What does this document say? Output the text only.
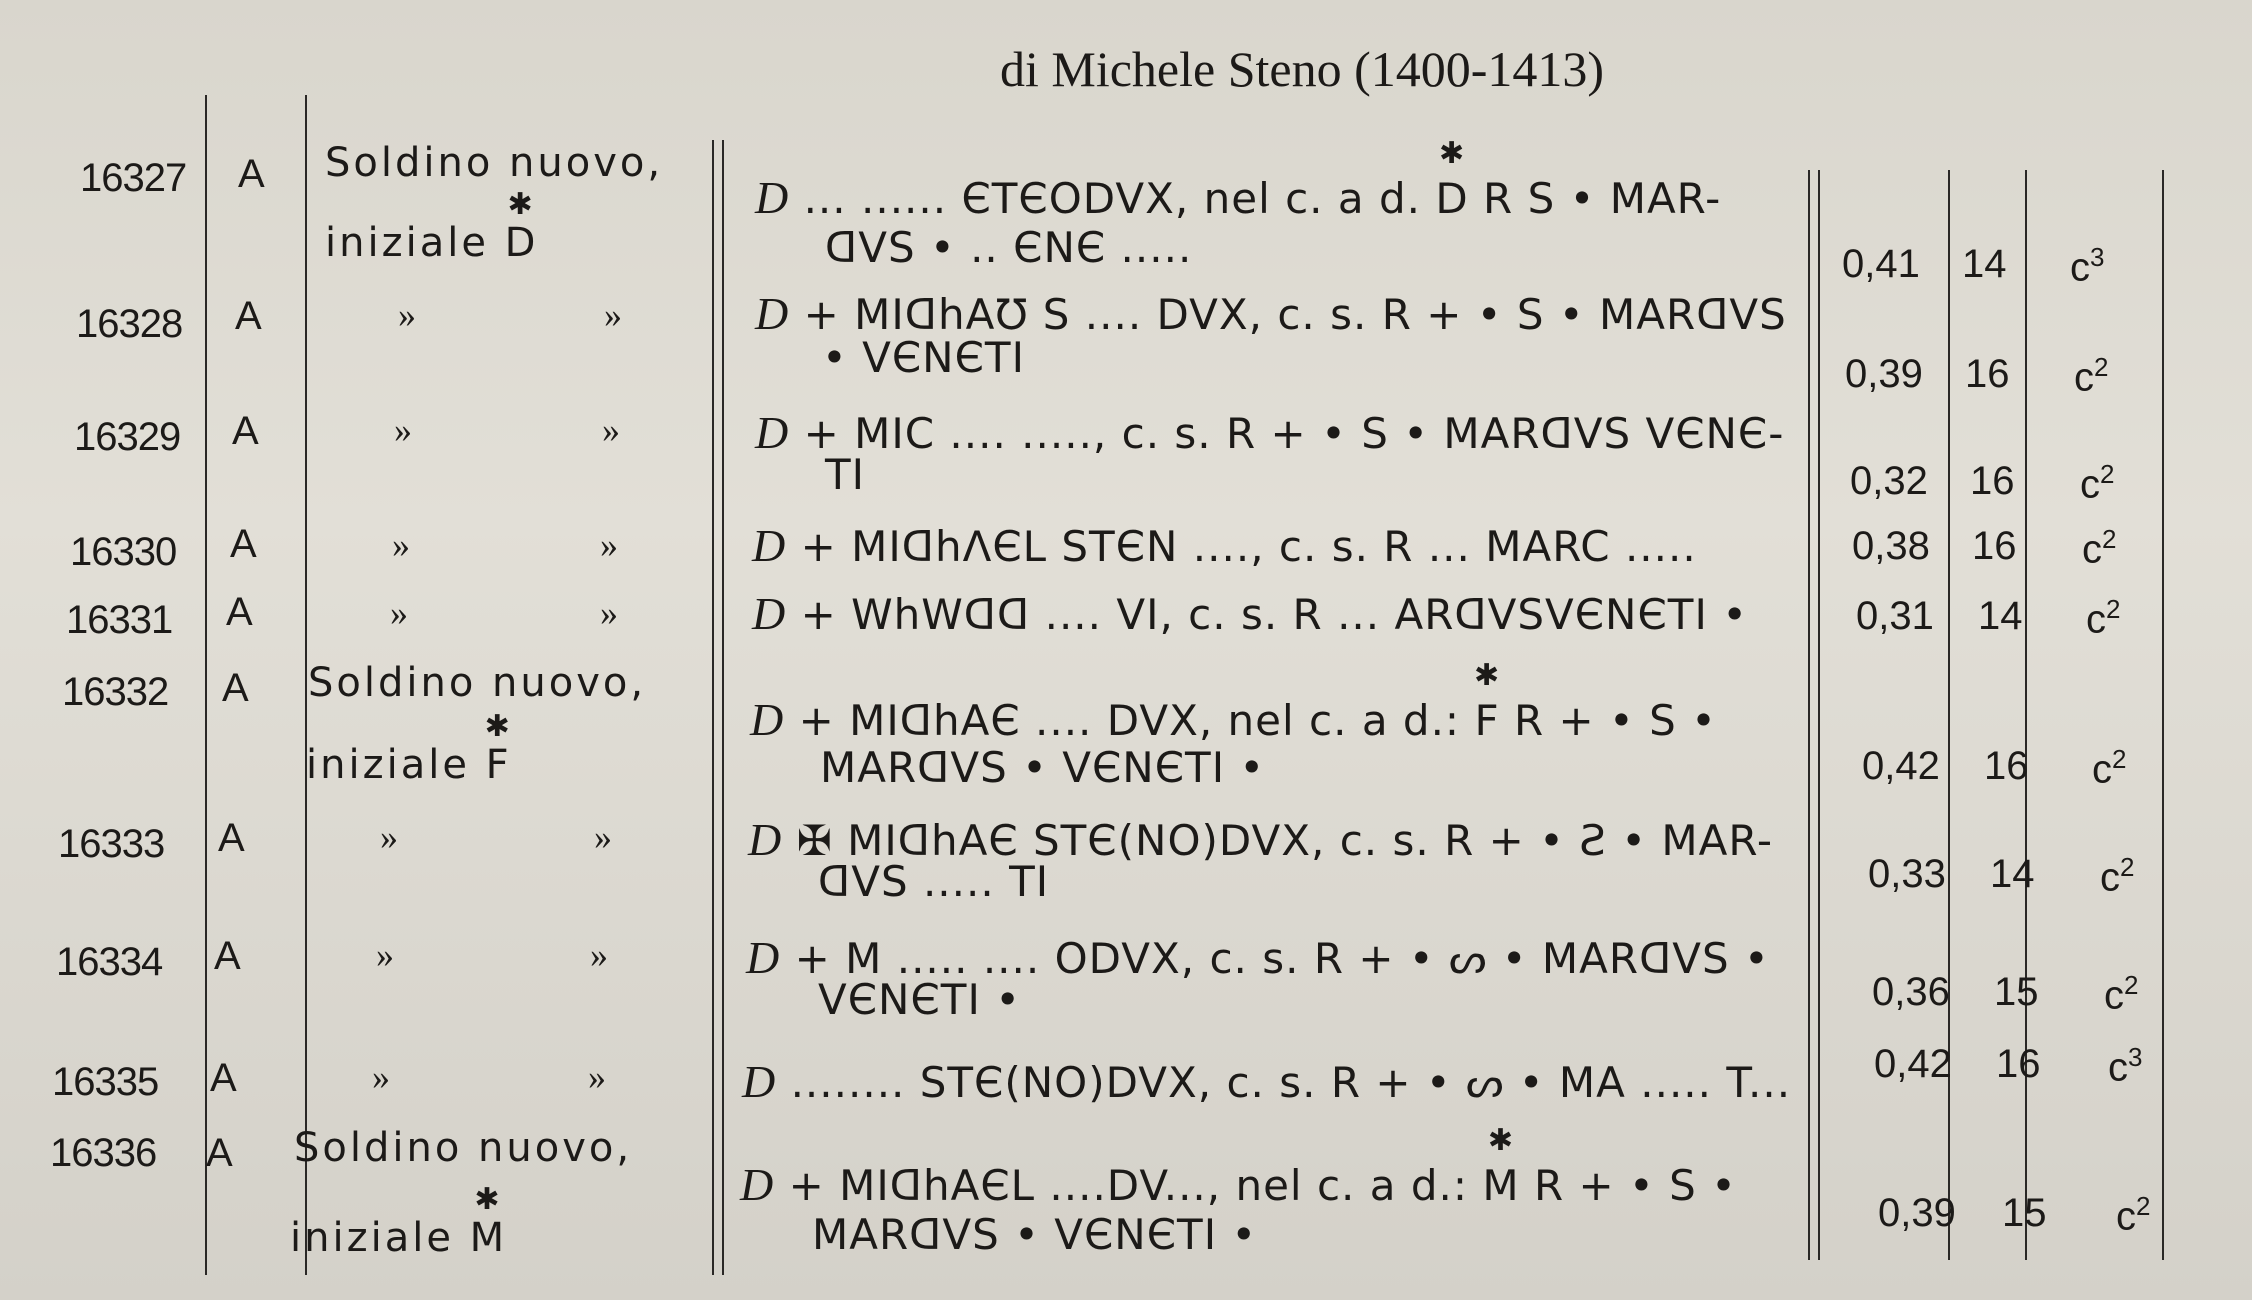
di Michele Steno (1400-1413)
16327 A Soldino nuovo,
iniziale ✱ D
D ... ...... ЄTЄODVX, nel c. a d. ✱ D R S • MAR-
ᗡVS • .. ЄNЄ .....	0,41 14 $c^3$
16328 A	»	»	D + MIᗡhA℧ S .... DVX, c. s. R + • S • MARᗡVS
• VЄNЄTI	0,39 16 $c^2$
16329 A	»	»	D + MIC .... ....., c. s. R + • S • MARᗡVS VЄNЄ-
TI	0,32 16 $c^2$
16330 A	»	»	D + MIᗡhΛЄL STЄN ...., c. s. R ... MARC .....	0,38 16 $c^2$
16331 A	»	»	D + WhWᗡᗡ .... VI, c. s. R ... ARᗡVSVЄNЄTI •	0,31 14 $c^2$
16332 A Soldino nuovo,
iniziale ✱ F
D + MIᗡhAЄ .... DVX, nel c. a d.: ✱ F R + • S •
MARᗡVS • VЄNЄTI •	0,42 16 $c^2$
16333 A	»	»	D ✠ MIᗡhAЄ STЄ(NO)DVX, c. s. R + • Ƨ • MAR-
ᗡVS ..... TI	0,33 14 $c^2$
16334 A	»	»	D + M ..... .... ODVX, c. s. R + • ᔕ • MARᗡVS •
VЄNЄTI •	0,36 15 $c^2$
16335 A	»	»	D ........ STЄ(NO)DVX, c. s. R + • ᔕ • MA ..... T... 0,42 16 $c^3$
16336 A Soldino nuovo,
iniziale ✱ M
D + MIᗡhAЄL ....DV..., nel c. a d.: ✱ M R + • S •
MARᗡVS • VЄNЄTI •	0,39 15 $c^2$
